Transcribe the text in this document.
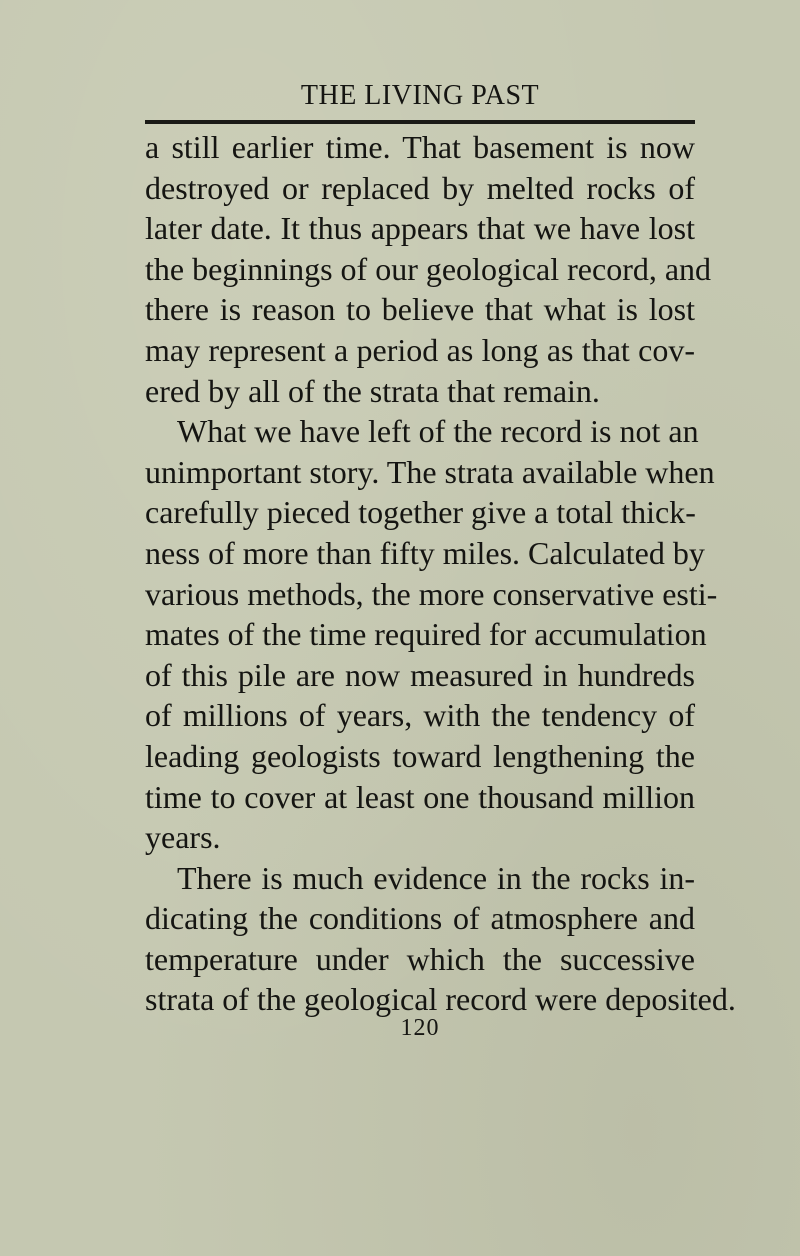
THE LIVING PAST
a still earlier time. That basement is now
destroyed or replaced by melted rocks of
later date. It thus appears that we have lost
the beginnings of our geological record, and
there is reason to believe that what is lost
may represent a period as long as that cov-
ered by all of the strata that remain.
What we have left of the record is not an
unimportant story. The strata available when
carefully pieced together give a total thick-
ness of more than fifty miles. Calculated by
various methods, the more conservative esti-
mates of the time required for accumulation
of this pile are now measured in hundreds
of millions of years, with the tendency of
leading geologists toward lengthening the
time to cover at least one thousand million
years.
There is much evidence in the rocks in-
dicating the conditions of atmosphere and
temperature under which the successive
strata of the geological record were deposited.
120
